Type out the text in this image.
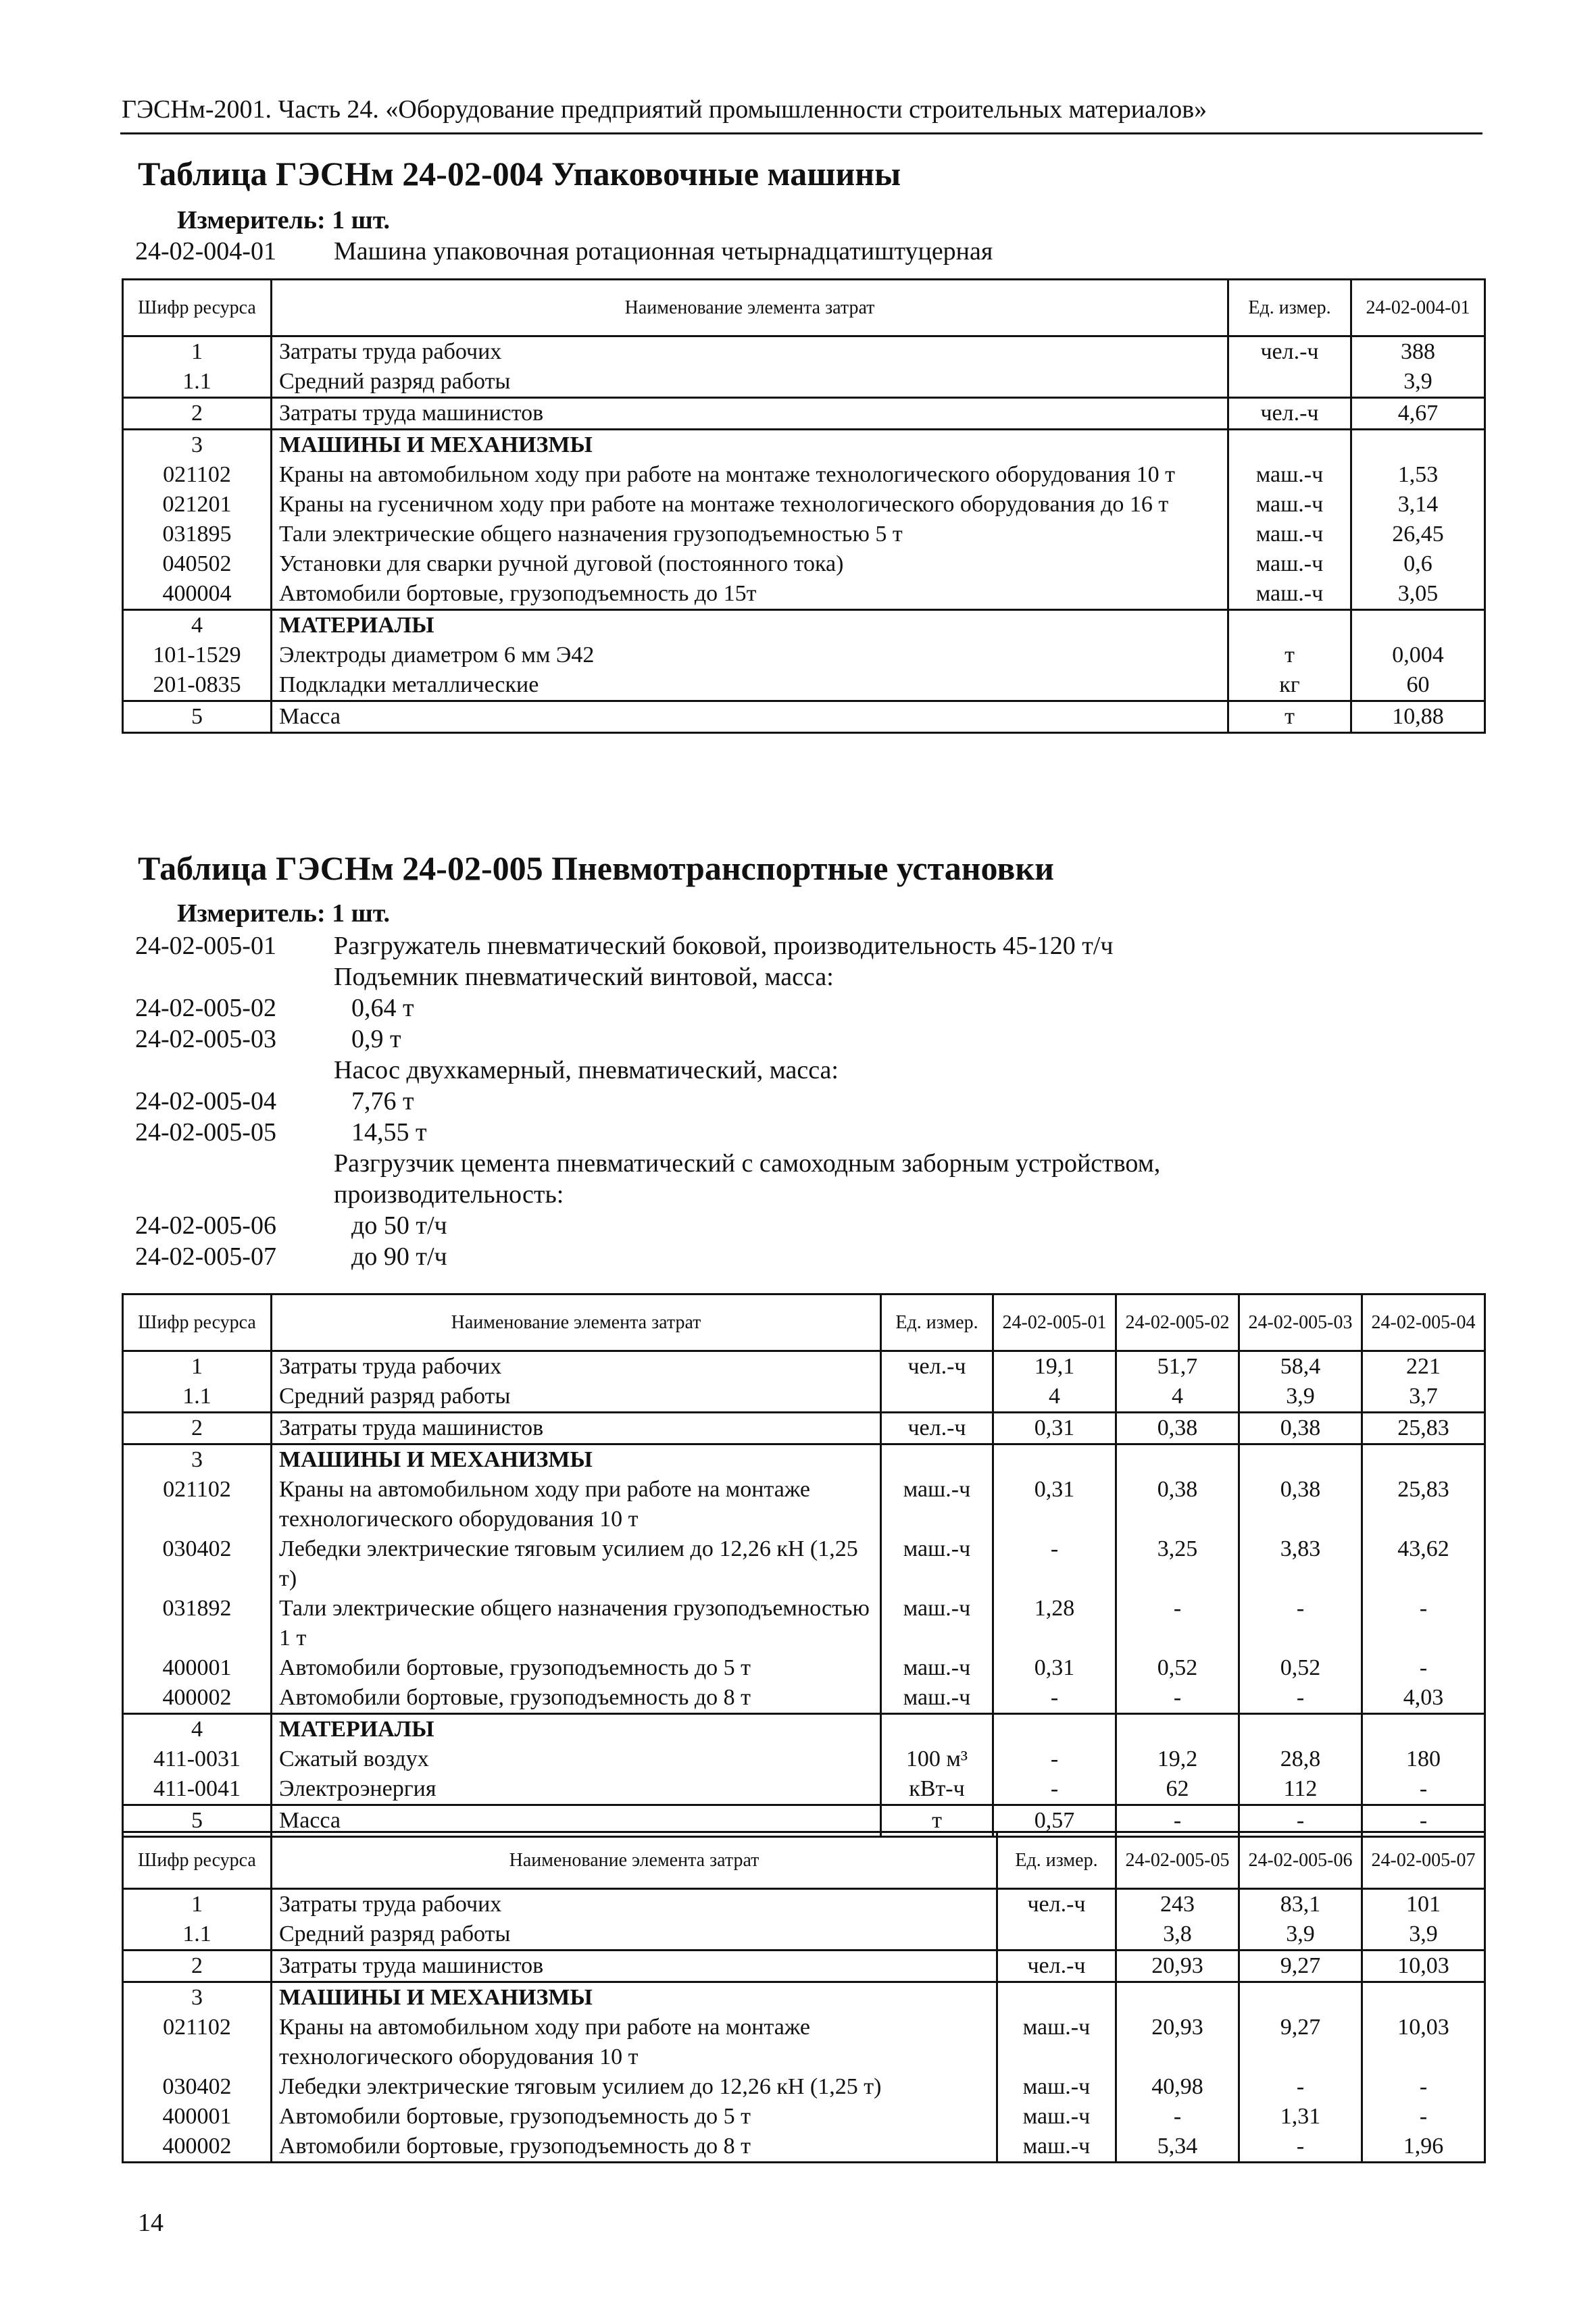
ГЭСНм-2001. Часть 24. «Оборудование предприятий промышленности строительных материалов»
Таблица ГЭСНм 24-02-004 Упаковочные машины
Измеритель: 1 шт.
24-02-004-01 Машина упаковочная ротационная четырнадцатиштуцерная
Шифр ресурса	Наименование элемента затрат	Ед. измер.	24-02-004-01
1	Затраты труда рабочих	чел.-ч	388
1.1	Средний разряд работы		3,9
2	Затраты труда машинистов	чел.-ч	4,67
3	МАШИНЫ И МЕХАНИЗМЫ		
021102	Краны на автомобильном ходу при работе на монтаже технологического оборудования 10 т	маш.-ч	1,53
021201	Краны на гусеничном ходу при работе на монтаже технологического оборудования до 16 т	маш.-ч	3,14
031895	Тали электрические общего назначения грузоподъемностью 5 т	маш.-ч	26,45
040502	Установки для сварки ручной дуговой (постоянного тока)	маш.-ч	0,6
400004	Автомобили бортовые, грузоподъемность до 15т	маш.-ч	3,05
4	МАТЕРИАЛЫ		
101-1529	Электроды диаметром 6 мм Э42	т	0,004
201-0835	Подкладки металлические	кг	60
5	Масса	т	10,88
Таблица ГЭСНм 24-02-005 Пневмотранспортные установки
Измеритель: 1 шт.
24-02-005-01 Разгружатель пневматический боковой, производительность 45-120 т/ч
Подъемник пневматический винтовой, масса:
24-02-005-02	0,64 т
24-02-005-03	0,9 т
Насос двухкамерный, пневматический, масса:
24-02-005-04	7,76 т
24-02-005-05	14,55 т
Разгрузчик цемента пневматический с самоходным заборным устройством,
производительность:
24-02-005-06	до 50 т/ч
24-02-005-07	до 90 т/ч
Шифр ресурса	Наименование элемента затрат	Ед. измер.	24-02-005-01	24-02-005-02	24-02-005-03	24-02-005-04
1	Затраты труда рабочих	чел.-ч	19,1	51,7	58,4	221
1.1	Средний разряд работы		4	4	3,9	3,7
2	Затраты труда машинистов	чел.-ч	0,31	0,38	0,38	25,83
3	МАШИНЫ И МЕХАНИЗМЫ					
021102	Краны на автомобильном ходу при работе на монтаже технологического оборудования 10 т	маш.-ч	0,31	0,38	0,38	25,83
030402	Лебедки электрические тяговым усилием до 12,26 кН (1,25 т)	маш.-ч	-	3,25	3,83	43,62
031892	Тали электрические общего назначения грузоподъемностью 1 т	маш.-ч	1,28	-	-	-
400001	Автомобили бортовые, грузоподъемность до 5 т	маш.-ч	0,31	0,52	0,52	-
400002	Автомобили бортовые, грузоподъемность до 8 т	маш.-ч	-	-	-	4,03
4	МАТЕРИАЛЫ					
411-0031	Сжатый воздух	100 м³	-	19,2	28,8	180
411-0041	Электроэнергия	кВт-ч	-	62	112	-
5	Масса	т	0,57	-	-	-
Шифр ресурса	Наименование элемента затрат	Ед. измер.	24-02-005-05	24-02-005-06	24-02-005-07
1	Затраты труда рабочих	чел.-ч	243	83,1	101
1.1	Средний разряд работы		3,8	3,9	3,9
2	Затраты труда машинистов	чел.-ч	20,93	9,27	10,03
3	МАШИНЫ И МЕХАНИЗМЫ				
021102	Краны на автомобильном ходу при работе на монтаже технологического оборудования 10 т	маш.-ч	20,93	9,27	10,03
030402	Лебедки электрические тяговым усилием до 12,26 кН (1,25 т)	маш.-ч	40,98	-	-
400001	Автомобили бортовые, грузоподъемность до 5 т	маш.-ч	-	1,31	-
400002	Автомобили бортовые, грузоподъемность до 8 т	маш.-ч	5,34	-	1,96
14
